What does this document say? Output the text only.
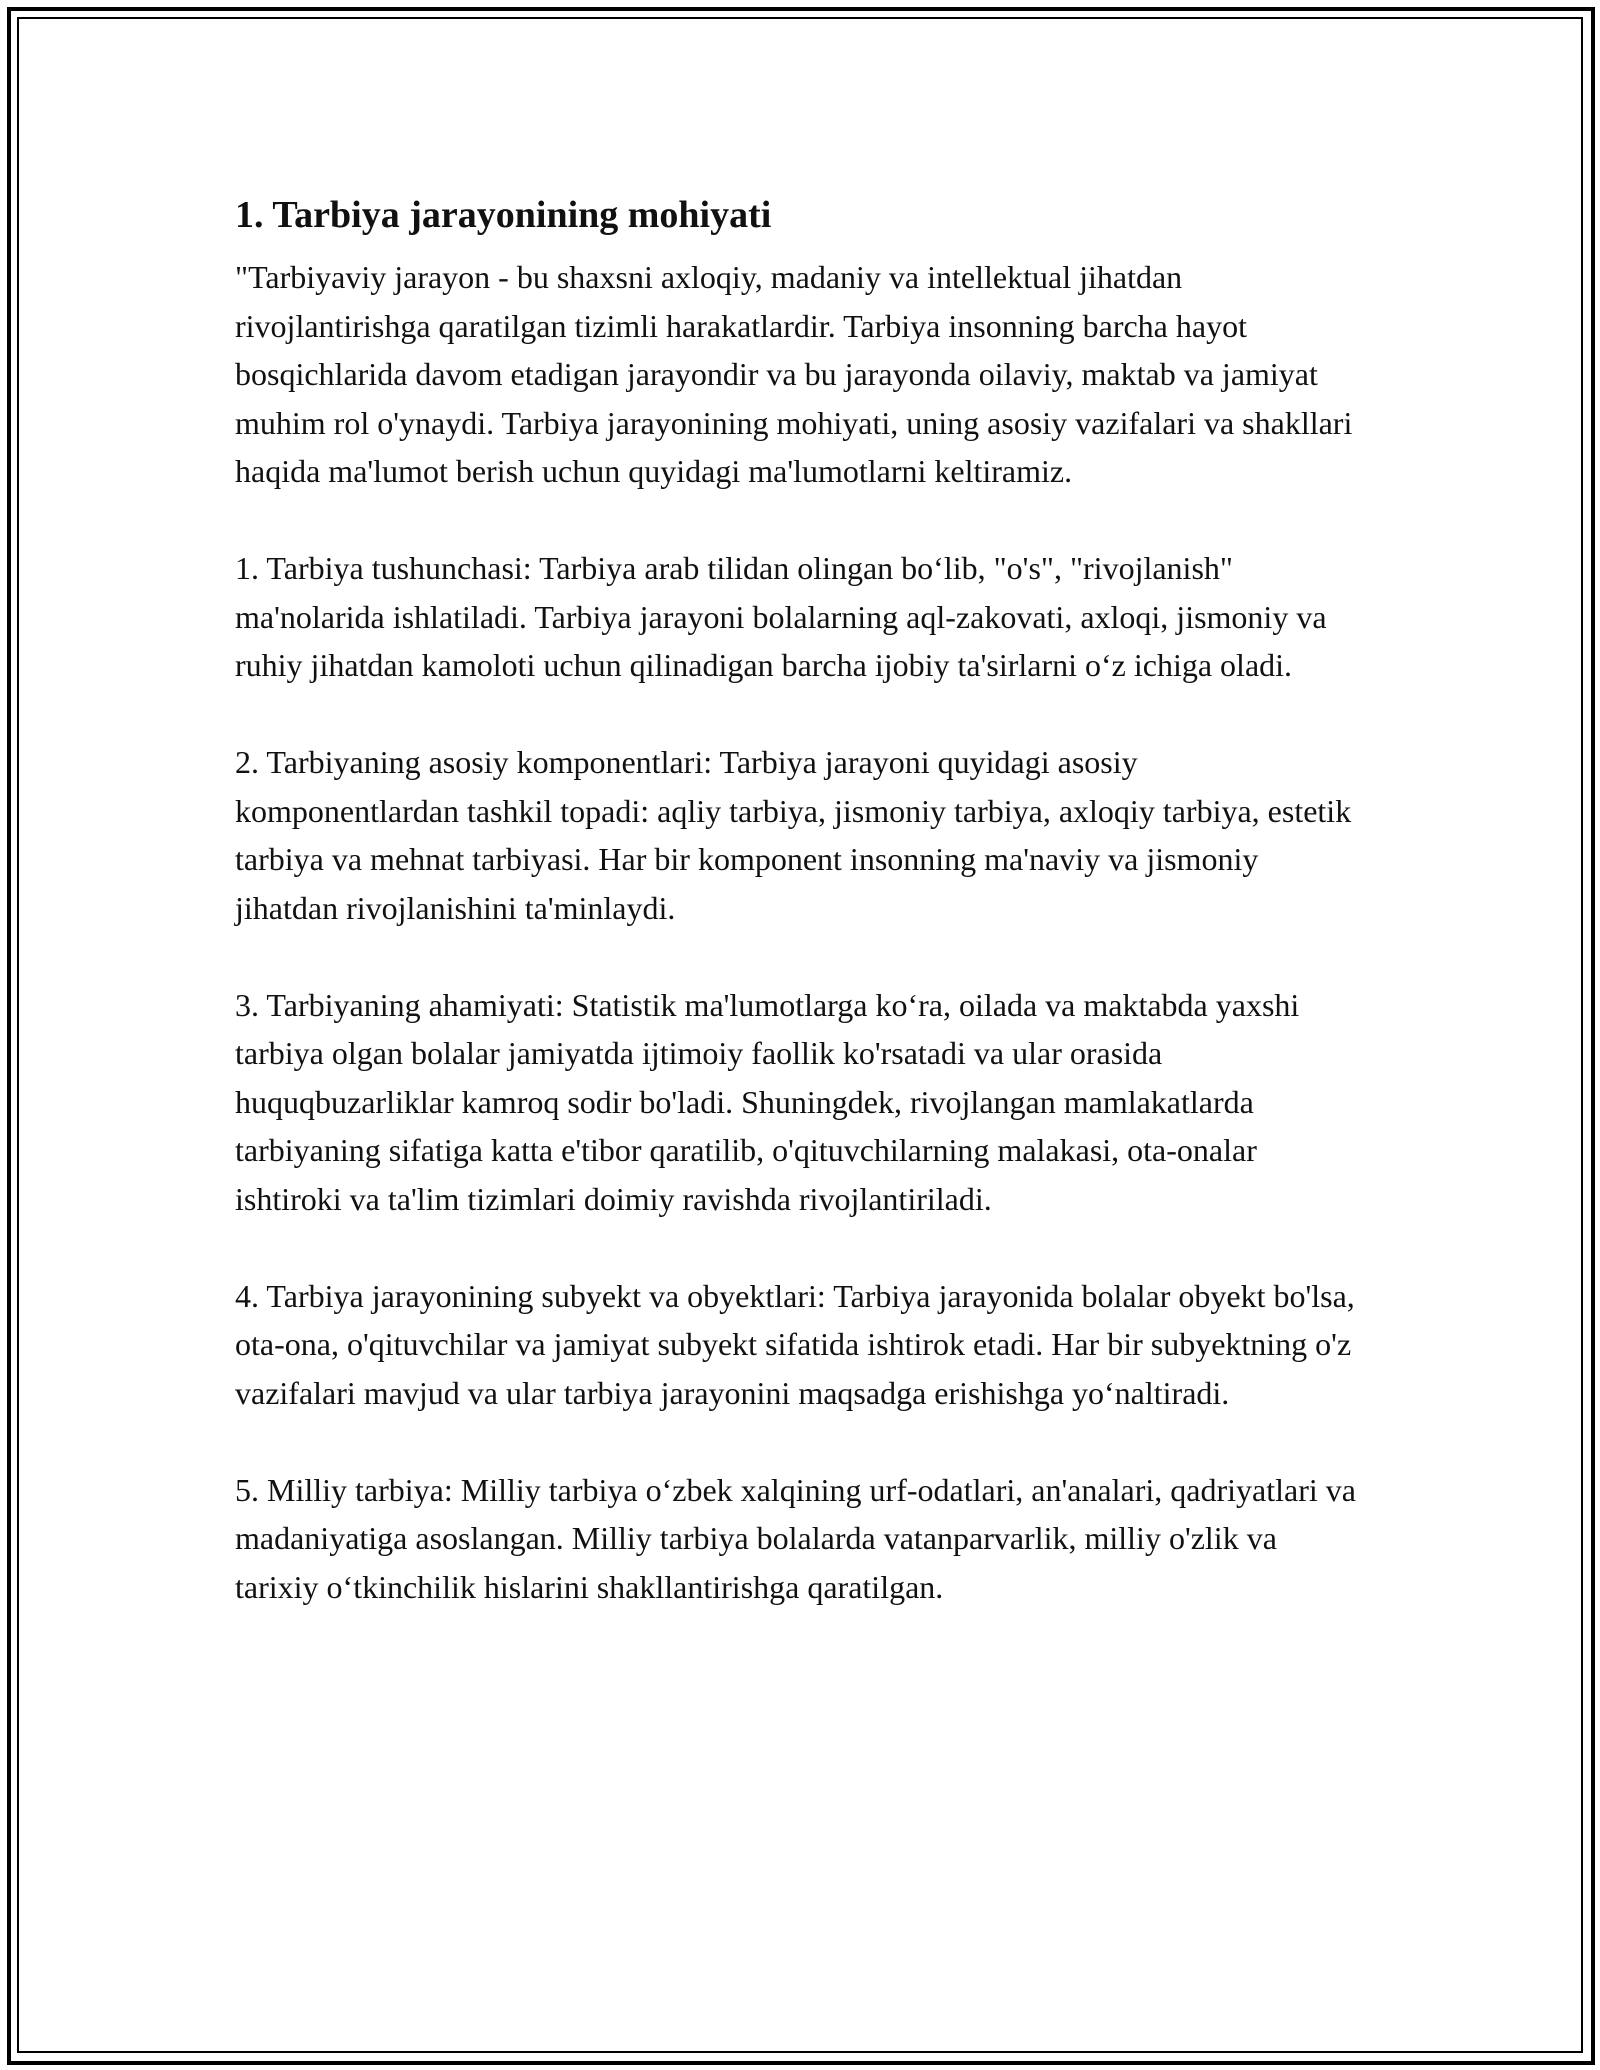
1. Tarbiya jarayonining mohiyati

"Tarbiyaviy jarayon - bu shaxsni axloqiy, madaniy va intellektual jihatdan rivojlantirishga qaratilgan tizimli harakatlardir. Tarbiya insonning barcha hayot bosqichlarida davom etadigan jarayondir va bu jarayonda oilaviy, maktab va jamiyat muhim rol o'ynaydi. Tarbiya jarayonining mohiyati, uning asosiy vazifalari va shakllari haqida ma'lumot berish uchun quyidagi ma'lumotlarni keltiramiz.

1. Tarbiya tushunchasi: Tarbiya arab tilidan olingan bo‘lib, "o's", "rivojlanish" ma'nolarida ishlatiladi. Tarbiya jarayoni bolalarning aql-zakovati, axloqi, jismoniy va ruhiy jihatdan kamoloti uchun qilinadigan barcha ijobiy ta'sirlarni o‘z ichiga oladi.

2. Tarbiyaning asosiy komponentlari: Tarbiya jarayoni quyidagi asosiy komponentlardan tashkil topadi: aqliy tarbiya, jismoniy tarbiya, axloqiy tarbiya, estetik tarbiya va mehnat tarbiyasi. Har bir komponent insonning ma'naviy va jismoniy jihatdan rivojlanishini ta'minlaydi.

3. Tarbiyaning ahamiyati: Statistik ma'lumotlarga ko‘ra, oilada va maktabda yaxshi tarbiya olgan bolalar jamiyatda ijtimoiy faollik ko'rsatadi va ular orasida huquqbuzarliklar kamroq sodir bo'ladi. Shuningdek, rivojlangan mamlakatlarda tarbiyaning sifatiga katta e'tibor qaratilib, o'qituvchilarning malakasi, ota-onalar ishtiroki va ta'lim tizimlari doimiy ravishda rivojlantiriladi.

4. Tarbiya jarayonining subyekt va obyektlari: Tarbiya jarayonida bolalar obyekt bo'lsa, ota-ona, o'qituvchilar va jamiyat subyekt sifatida ishtirok etadi. Har bir subyektning o'z vazifalari mavjud va ular tarbiya jarayonini maqsadga erishishga yo‘naltiradi.

5. Milliy tarbiya: Milliy tarbiya o‘zbek xalqining urf-odatlari, an'analari, qadriyatlari va madaniyatiga asoslangan. Milliy tarbiya bolalarda vatanparvarlik, milliy o'zlik va tarixiy o‘tkinchilik hislarini shakllantirishga qaratilgan.
